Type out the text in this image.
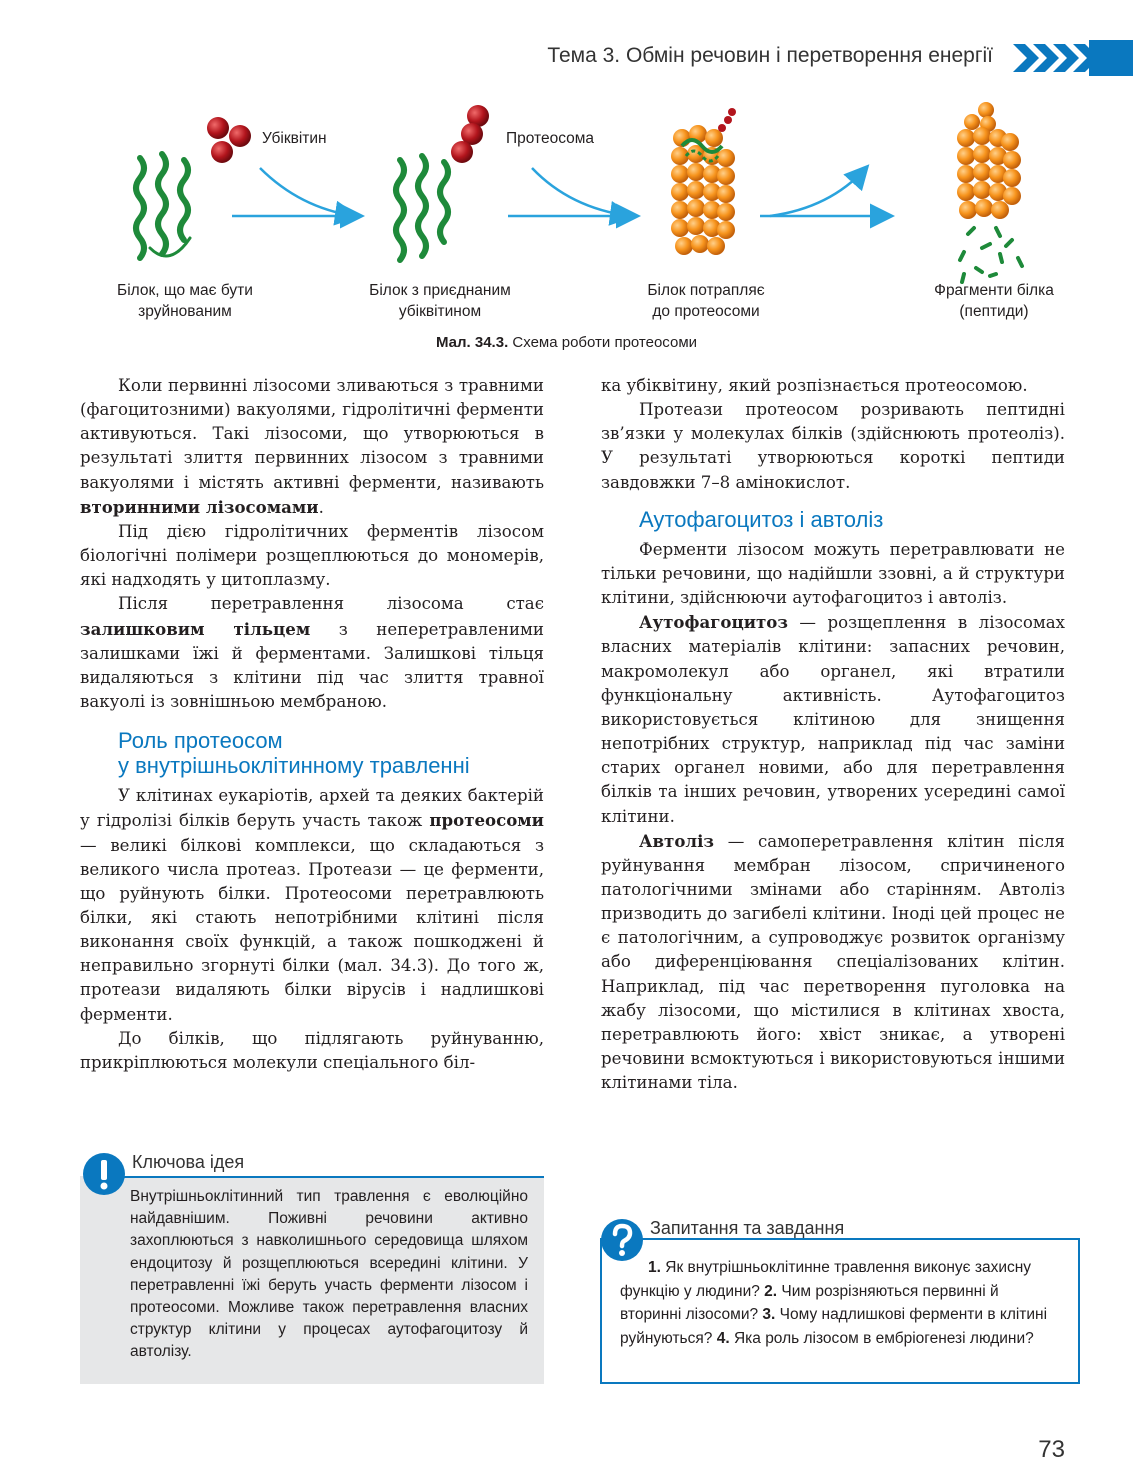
Тема 3. Обмін речовин і перетворення енергії
Убіквітин	Протеосома
Білок, що має бути
зруйнованим
Білок з приєднаним
убіквітином
Білок потрапляє
до протеосоми
Фрагменти білка
(пептиди)
Мал. 34.3. Схема роботи протеосоми

Коли первинні лізосоми зливаються з травними (фагоцитозними) вакуолями, гідролітичні ферменти активуються. Такі лізосоми, що утворюються в результаті злиття первинних лізосом з травними вакуолями і містять активні ферменти, називають вторинними лізосомами.

Під дією гідролітичних ферментів лізосом біологічні полімери розщеплюються до мономерів, які надходять у цитоплазму.

Після перетравлення лізосома стає залишковим тільцем з неперетравленими залишками їжі й ферментами. Залишкові тільця видаляються з клітини під час злиття травної вакуолі із зовнішньою мембраною.

Роль протеосом
у внутрішньоклітинному травленні

У клітинах еукаріотів, архей та деяких бактерій у гідролізі білків беруть участь також протеосоми — великі білкові комплекси, що складаються з великого числа протеаз. Протеази — це ферменти, що руйнують білки. Протеосоми перетравлюють білки, які стають непотрібними клітині після виконання своїх функцій, а також пошкоджені й неправильно згорнуті білки (мал. 34.3). До того ж, протеази видаляють білки вірусів і надлишкові ферменти.

До білків, що підлягають руйнуванню, прикріплюються молекули спеціального біл-

ка убіквітину, який розпізнається протеосомою.

Протеази протеосом розривають пептидні зв’язки у молекулах білків (здійснюють протеоліз). У результаті утворюються короткі пептиди завдовжки 7–8 амінокислот.

Аутофагоцитоз і автоліз

Ферменти лізосом можуть перетравлювати не тільки речовини, що надійшли ззовні, а й структури клітини, здійснюючи аутофагоцитоз і автоліз.

Аутофагоцитоз — розщеплення в лізосомах власних матеріалів клітини: запасних речовин, макромолекул або органел, які втратили функціональну активність. Аутофагоцитоз використовується клітиною для знищення непотрібних структур, наприклад під час заміни старих органел новими, або для перетравлення білків та інших речовин, утворених усередині самої клітини.

Автоліз — самоперетравлення клітин після руйнування мембран лізосом, спричиненого патологічними змінами або старінням. Автоліз призводить до загибелі клітини. Іноді цей процес не є патологічним, а супроводжує розвиток організму або диференціювання спеціалізованих клітин. Наприклад, під час перетворення пуголовка на жабу лізосоми, що містилися в клітинах хвоста, перетравлюють його: хвіст зникає, а утворені речовини всмоктуються і використовуються іншими клітинами тіла.

Ключова ідея
Внутрішньоклітинний тип травлення є еволюційно найдавнішим. Поживні речовини активно захоплюються з навколишнього середовища шляхом ендоцитозу й розщеплюються всередині клітини. У перетравленні їжі беруть участь ферменти лізосом і протеосоми. Можливе також перетравлення власних структур клітини у процесах аутофагоцитозу й автолізу.
Запитання та завдання
1. Як внутрішньоклітинне травлення виконує захисну функцію у людини? 2. Чим розрізняються первинні й вторинні лізосоми? 3. Чому надлишкові ферменти в клітині руйнуються? 4. Яка роль лізосом в ембріогенезі людини?
73
